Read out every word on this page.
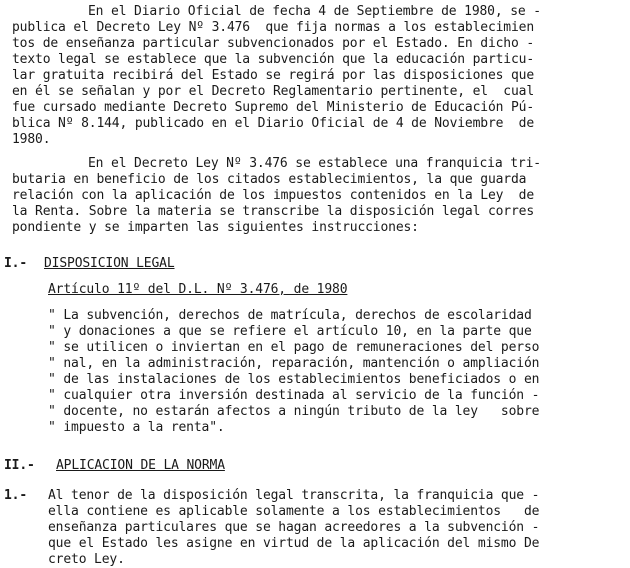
En el Diario Oficial de fecha 4 de Septiembre de 1980, se -
publica el Decreto Ley Nº 3.476  que fija normas a los establecimien
tos de enseñanza particular subvencionados por el Estado. En dicho -
texto legal se establece que la subvención que la educación particu-
lar gratuita recibirá del Estado se regirá por las disposiciones que
en él se señalan y por el Decreto Reglamentario pertinente, el  cual
fue cursado mediante Decreto Supremo del Ministerio de Educación Pú-
blica Nº 8.144, publicado en el Diario Oficial de 4 de Noviembre  de
1980.
En el Decreto Ley Nº 3.476 se establece una franquicia tri-
butaria en beneficio de los citados establecimientos, la que guarda
relación con la aplicación de los impuestos contenidos en la Ley  de
la Renta. Sobre la materia se transcribe la disposición legal corres
pondiente y se imparten las siguientes instrucciones:
I.- DISPOSICION LEGAL
Artículo 11º del D.L. Nº 3.476, de 1980
" La subvención, derechos de matrícula, derechos de escolaridad
" y donaciones a que se refiere el artículo 10, en la parte que
" se utilicen o inviertan en el pago de remuneraciones del perso
" nal, en la administración, reparación, mantención o ampliación
" de las instalaciones de los establecimientos beneficiados o en
" cualquier otra inversión destinada al servicio de la función -
" docente, no estarán afectos a ningún tributo de la ley   sobre
" impuesto a la renta".
II.- APLICACION DE LA NORMA
1.- Al tenor de la disposición legal transcrita, la franquicia que -
ella contiene es aplicable solamente a los establecimientos   de
enseñanza particulares que se hagan acreedores a la subvención -
que el Estado les asigne en virtud de la aplicación del mismo De
creto Ley.
